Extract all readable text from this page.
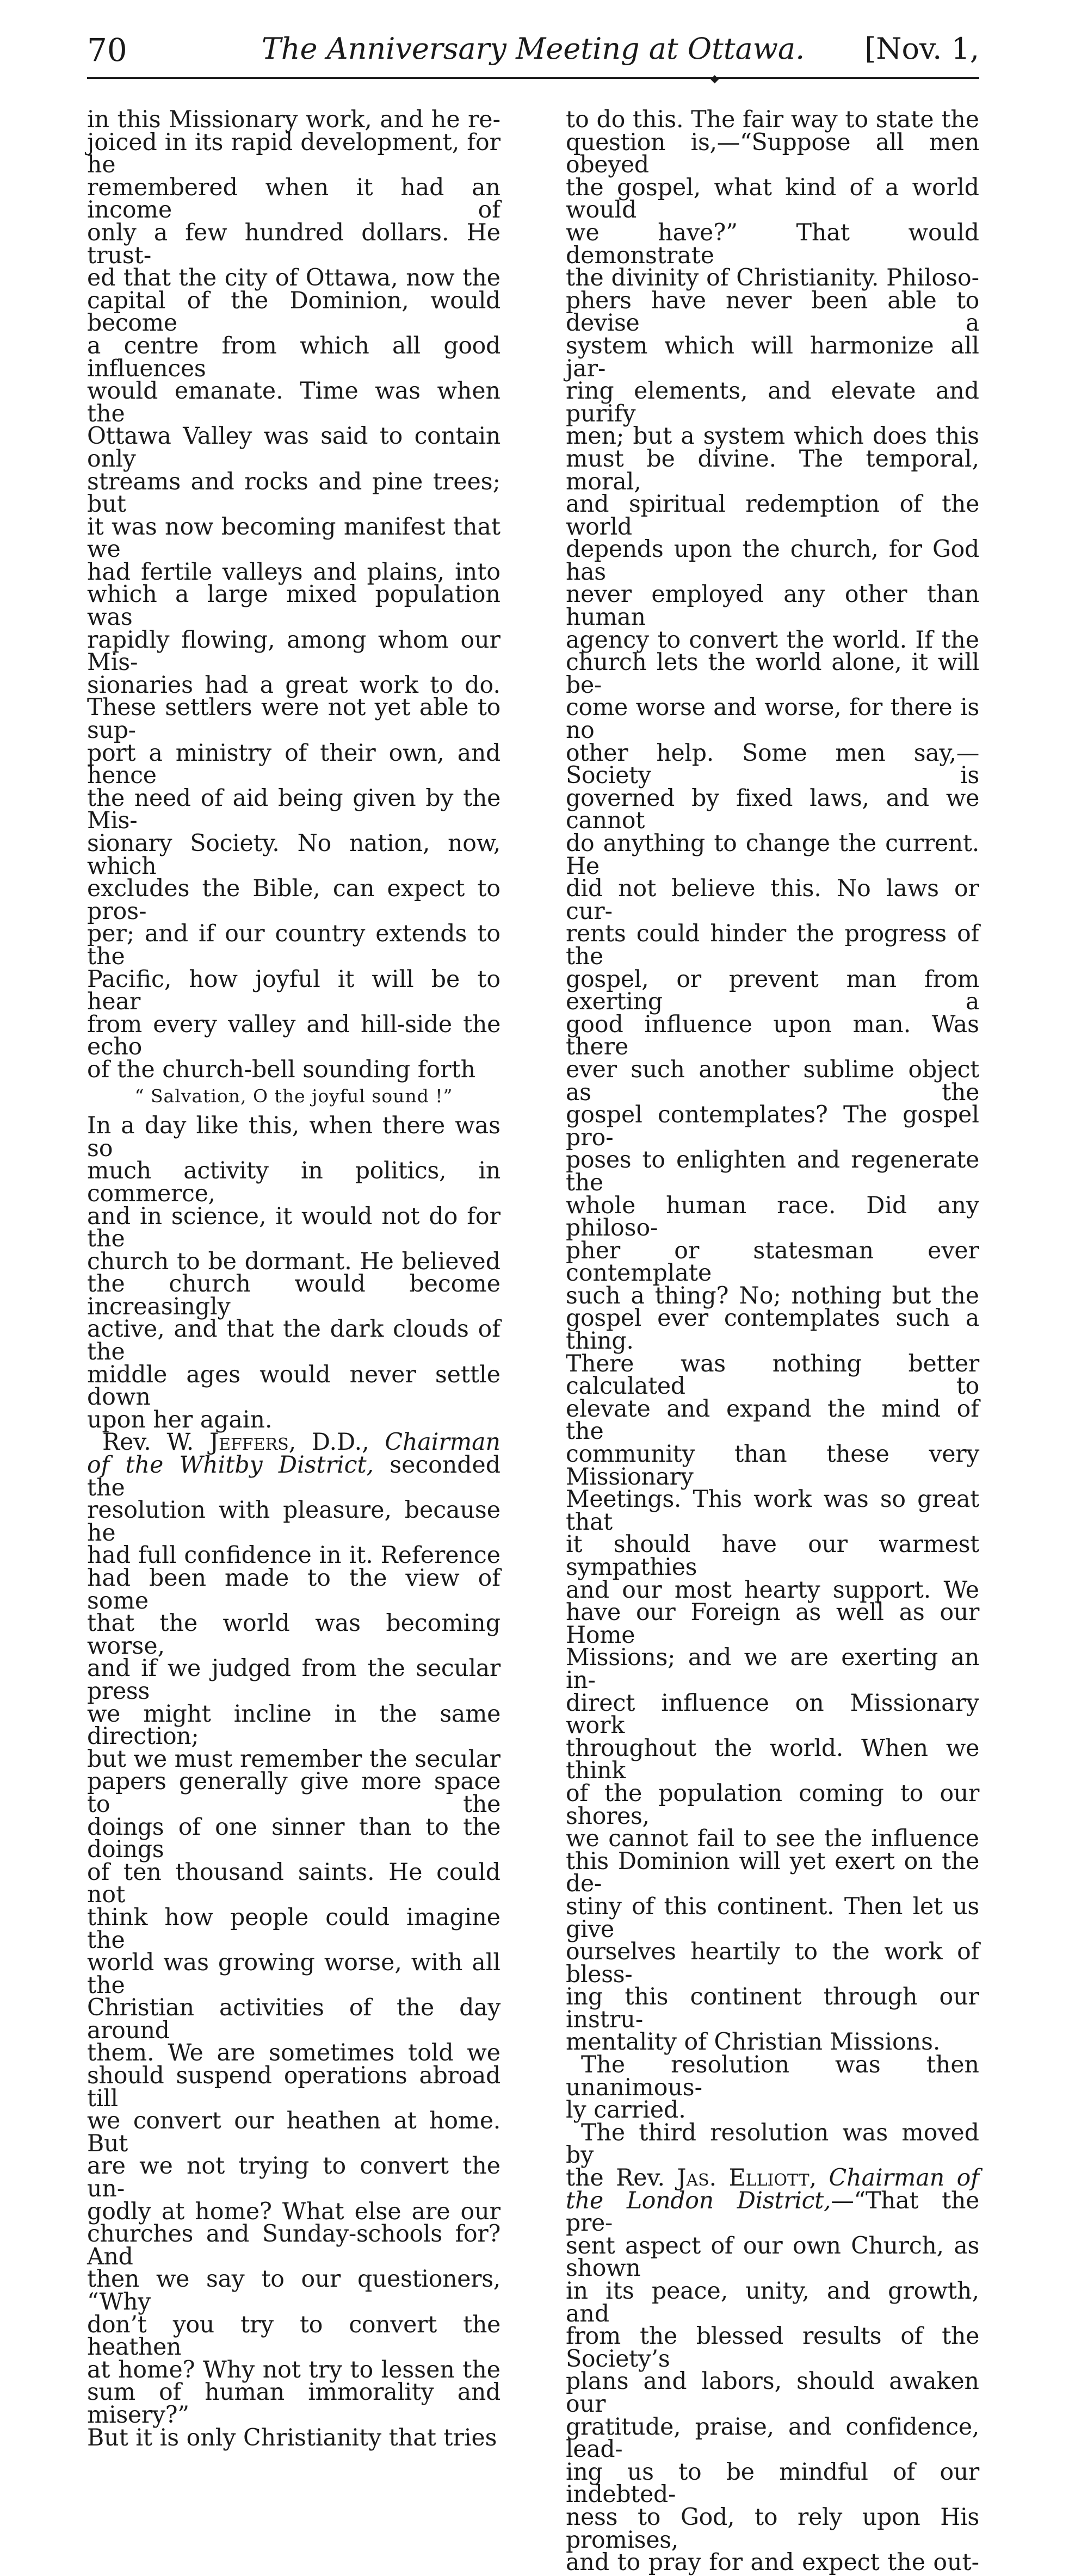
70	The Anniversary Meeting at Ottawa.	[Nov. 1,
◆

in this Missionary work, and he re-

joiced in its rapid development, for he

remembered when it had an income of

only a few hundred dollars. He trust-

ed that the city of Ottawa, now the

capital of the Dominion, would become

a centre from which all good influences

would emanate. Time was when the

Ottawa Valley was said to contain only

streams and rocks and pine trees; but

it was now becoming manifest that we

had fertile valleys and plains, into

which a large mixed population was

rapidly flowing, among whom our Mis-

sionaries had a great work to do.

These settlers were not yet able to sup-

port a ministry of their own, and hence

the need of aid being given by the Mis-

sionary Society. No nation, now, which

excludes the Bible, can expect to pros-

per; and if our country extends to the

Pacific, how joyful it will be to hear

from every valley and hill-side the echo

of the church-bell sounding forth

“ Salvation, O the joyful sound !”

In a day like this, when there was so

much activity in politics, in commerce,

and in science, it would not do for the

church to be dormant. He believed

the church would become increasingly

active, and that the dark clouds of the

middle ages would never settle down

upon her again.

Rev. W. Jeffers, D.D., Chairman

of the Whitby District, seconded the

resolution with pleasure, because he

had full confidence in it. Reference

had been made to the view of some

that the world was becoming worse,

and if we judged from the secular press

we might incline in the same direction;

but we must remember the secular

papers generally give more space to the

doings of one sinner than to the doings

of ten thousand saints. He could not

think how people could imagine the

world was growing worse, with all the

Christian activities of the day around

them. We are sometimes told we

should suspend operations abroad till

we convert our heathen at home. But

are we not trying to convert the un-

godly at home? What else are our

churches and Sunday-schools for? And

then we say to our questioners, “Why

don’t you try to convert the heathen

at home? Why not try to lessen the

sum of human immorality and misery?”

But it is only Christianity that tries

to do this. The fair way to state the

question is,—“Suppose all men obeyed

the gospel, what kind of a world would

we have?” That would demonstrate

the divinity of Christianity. Philoso-

phers have never been able to devise a

system which will harmonize all jar-

ring elements, and elevate and purify

men; but a system which does this

must be divine. The temporal, moral,

and spiritual redemption of the world

depends upon the church, for God has

never employed any other than human

agency to convert the world. If the

church lets the world alone, it will be-

come worse and worse, for there is no

other help. Some men say,—Society is

governed by fixed laws, and we cannot

do anything to change the current. He

did not believe this. No laws or cur-

rents could hinder the progress of the

gospel, or prevent man from exerting a

good influence upon man. Was there

ever such another sublime object as the

gospel contemplates? The gospel pro-

poses to enlighten and regenerate the

whole human race. Did any philoso-

pher or statesman ever contemplate

such a thing? No; nothing but the

gospel ever contemplates such a thing.

There was nothing better calculated to

elevate and expand the mind of the

community than these very Missionary

Meetings. This work was so great that

it should have our warmest sympathies

and our most hearty support. We

have our Foreign as well as our Home

Missions; and we are exerting an in-

direct influence on Missionary work

throughout the world. When we think

of the population coming to our shores,

we cannot fail to see the influence

this Dominion will yet exert on the de-

stiny of this continent. Then let us give

ourselves heartily to the work of bless-

ing this continent through our instru-

mentality of Christian Missions.

The resolution was then unanimous-

ly carried.

The third resolution was moved by

the Rev. Jas. Elliott, Chairman of

the London District,—“That the pre-

sent aspect of our own Church, as shown

in its peace, unity, and growth, and

from the blessed results of the Society’s

plans and labors, should awaken our

gratitude, praise, and confidence, lead-

ing us to be mindful of our indebted-

ness to God, to rely upon His promises,

and to pray for and expect the out-
